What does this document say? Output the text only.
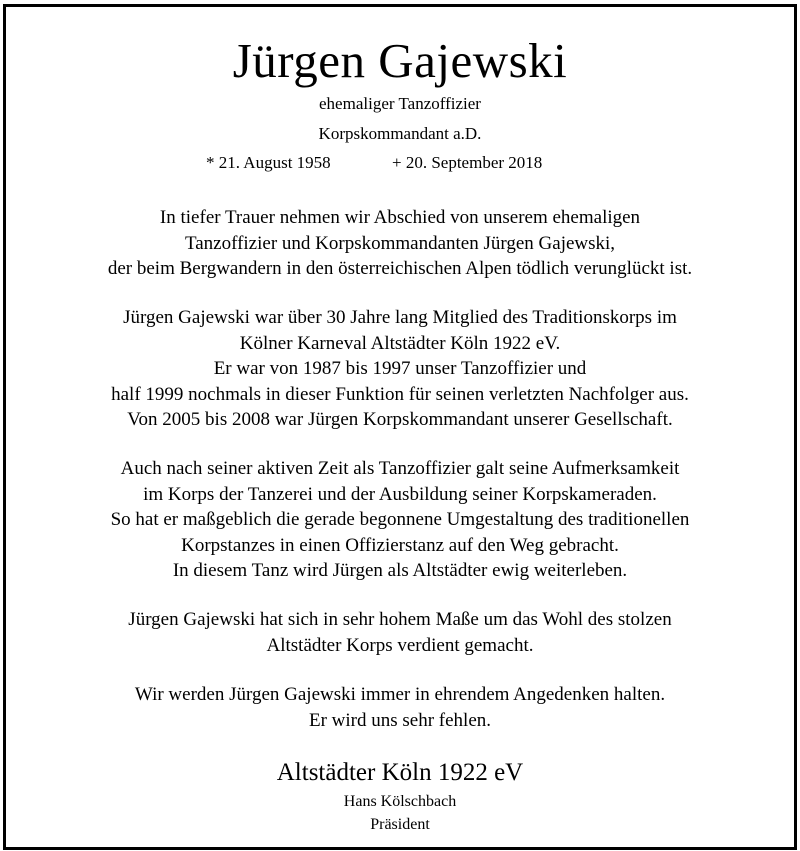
Jürgen Gajewski
ehemaliger Tanzoffizier
Korpskommandant a.D.
* 21. August 1958	+ 20. September 2018
In tiefer Trauer nehmen wir Abschied von unserem ehemaligen
Tanzoffizier und Korpskommandanten Jürgen Gajewski,
der beim Bergwandern in den österreichischen Alpen tödlich verunglückt ist.
Jürgen Gajewski war über 30 Jahre lang Mitglied des Traditionskorps im
Kölner Karneval Altstädter Köln 1922 eV.
Er war von 1987 bis 1997 unser Tanzoffizier und
half 1999 nochmals in dieser Funktion für seinen verletzten Nachfolger aus.
Von 2005 bis 2008 war Jürgen Korpskommandant unserer Gesellschaft.
Auch nach seiner aktiven Zeit als Tanzoffizier galt seine Aufmerksamkeit
im Korps der Tanzerei und der Ausbildung seiner Korpskameraden.
So hat er maßgeblich die gerade begonnene Umgestaltung des traditionellen
Korpstanzes in einen Offizierstanz auf den Weg gebracht.
In diesem Tanz wird Jürgen als Altstädter ewig weiterleben.
Jürgen Gajewski hat sich in sehr hohem Maße um das Wohl des stolzen
Altstädter Korps verdient gemacht.
Wir werden Jürgen Gajewski immer in ehrendem Angedenken halten.
Er wird uns sehr fehlen.
Altstädter Köln 1922 eV
Hans Kölschbach
Präsident
